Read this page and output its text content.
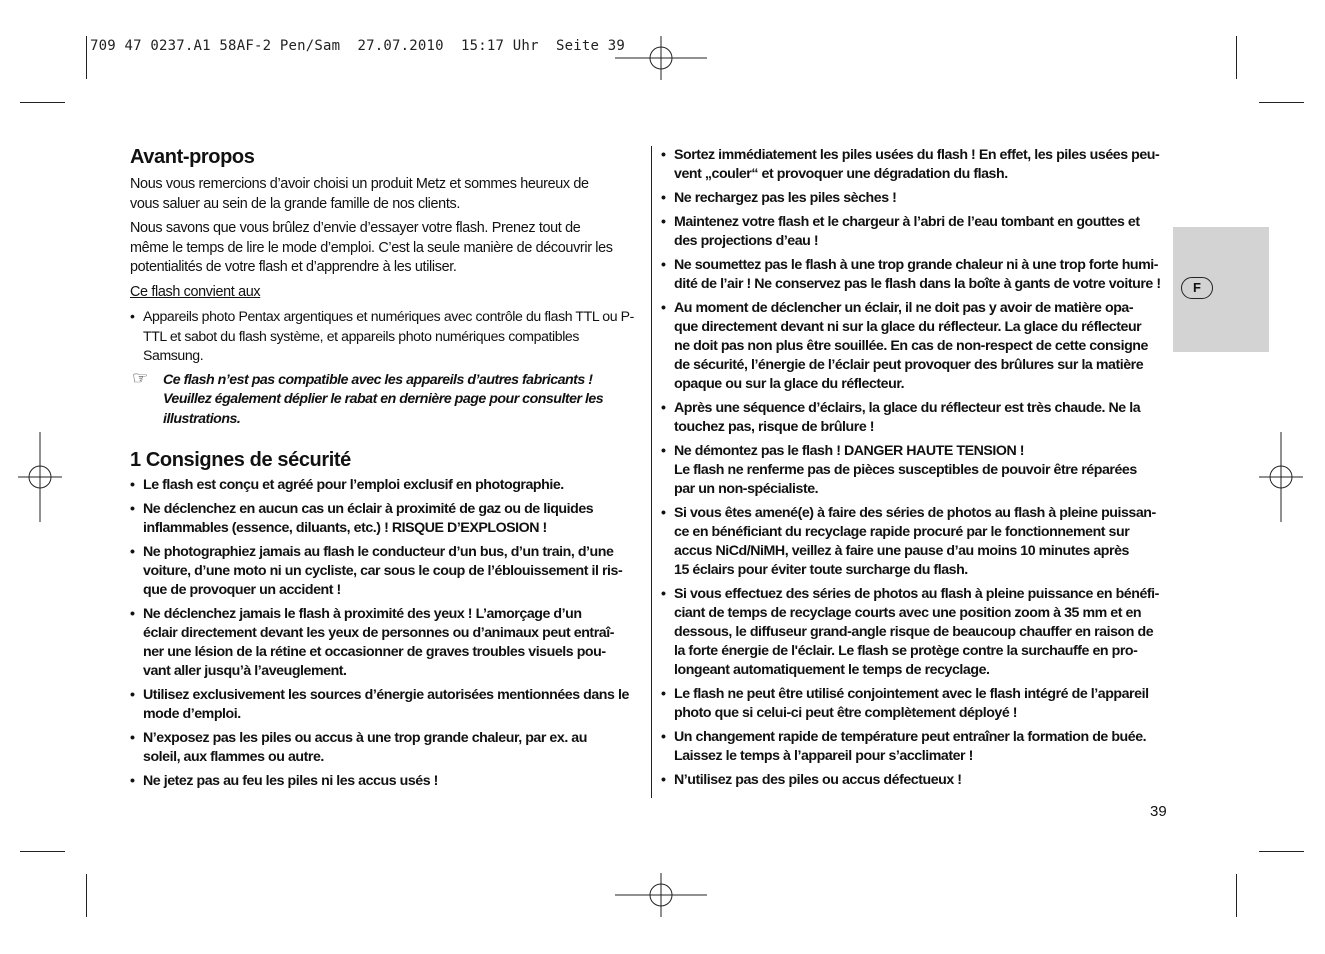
709 47 0237.A1 58AF-2 Pen/Sam  27.07.2010  15:17 Uhr  Seite 39
Avant-propos

Nous vous remercions d’avoir choisi un produit Metz et sommes heureux de
vous saluer au sein de la grande famille de nos clients.

Nous savons que vous brûlez d’envie d’essayer votre flash. Prenez tout de
même le temps de lire le mode d’emploi. C’est la seule manière de découvrir les
potentialités de votre flash et d’apprendre à les utiliser.

Ce flash convient aux

• Appareils photo Pentax argentiques et numériques avec contrôle du flash TTL ou P-
TTL et sabot du flash système, et appareils photo numériques compatibles
Samsung.
☞ Ce flash n’est pas compatible avec les appareils d’autres fabricants !
Veuillez également déplier le rabat en dernière page pour consulter les
illustrations.
1 Consignes de sécurité
• Le flash est conçu et agréé pour l’emploi exclusif en photographie.
• Ne déclenchez en aucun cas un éclair à proximité de gaz ou de liquides
inflammables (essence, diluants, etc.) ! RISQUE D’EXPLOSION !
• Ne photographiez jamais au flash le conducteur d’un bus, d’un train, d’une
voiture, d’une moto ni un cycliste, car sous le coup de l’éblouissement il ris-
que de provoquer un accident !
• Ne déclenchez jamais le flash à proximité des yeux ! L’amorçage d’un
éclair directement devant les yeux de personnes ou d’animaux peut entraî-
ner une lésion de la rétine et occasionner de graves troubles visuels pou-
vant aller jusqu’à l’aveuglement.
• Utilisez exclusivement les sources d’énergie autorisées mentionnées dans le
mode d’emploi.
• N’exposez pas les piles ou accus à une trop grande chaleur, par ex. au
soleil, aux flammes ou autre.
• Ne jetez pas au feu les piles ni les accus usés !
• Sortez immédiatement les piles usées du flash ! En effet, les piles usées peu-
vent „couler“ et provoquer une dégradation du flash.
• Ne rechargez pas les piles sèches !
• Maintenez votre flash et le chargeur à l’abri de l’eau tombant en gouttes et
des projections d’eau !
• Ne soumettez pas le flash à une trop grande chaleur ni à une trop forte humi-
dité de l’air ! Ne conservez pas le flash dans la boîte à gants de votre voiture !
• Au moment de déclencher un éclair, il ne doit pas y avoir de matière opa-
que directement devant ni sur la glace du réflecteur. La glace du réflecteur
ne doit pas non plus être souillée. En cas de non-respect de cette consigne
de sécurité, l’énergie de l’éclair peut provoquer des brûlures sur la matière
opaque ou sur la glace du réflecteur.
• Après une séquence d’éclairs, la glace du réflecteur est très chaude. Ne la
touchez pas, risque de brûlure !
• Ne démontez pas le flash ! DANGER HAUTE TENSION !
Le flash ne renferme pas de pièces susceptibles de pouvoir être réparées
par un non-spécialiste.
• Si vous êtes amené(e) à faire des séries de photos au flash à pleine puissan-
ce en bénéficiant du recyclage rapide procuré par le fonctionnement sur
accus NiCd/NiMH, veillez à faire une pause d’au moins 10 minutes après
15 éclairs pour éviter toute surcharge du flash.
• Si vous effectuez des séries de photos au flash à pleine puissance en bénéfi-
ciant de temps de recyclage courts avec une position zoom à 35 mm et en
dessous, le diffuseur grand-angle risque de beaucoup chauffer en raison de
la forte énergie de l'éclair. Le flash se protège contre la surchauffe en pro-
longeant automatiquement le temps de recyclage.
• Le flash ne peut être utilisé conjointement avec le flash intégré de l’appareil
photo que si celui-ci peut être complètement déployé !
• Un changement rapide de température peut entraîner la formation de buée.
Laissez le temps à l’appareil pour s’acclimater !
• N’utilisez pas des piles ou accus défectueux !
F
39
